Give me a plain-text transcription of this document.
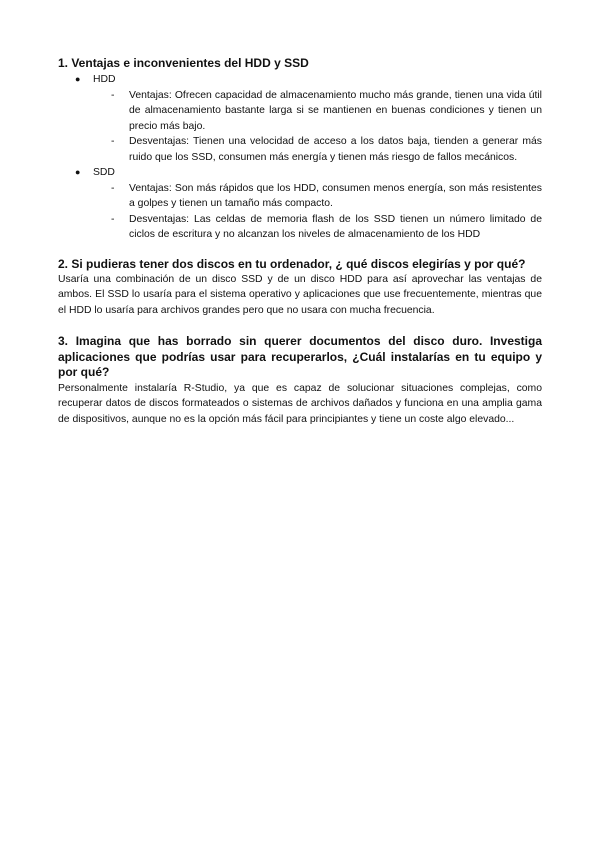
1. Ventajas e inconvenientes del HDD y SSD
● HDD
- Ventajas: Ofrecen capacidad de almacenamiento mucho más grande, tienen una vida útil de almacenamiento bastante larga si se mantienen en buenas condiciones y tienen un precio más bajo.
- Desventajas: Tienen una velocidad de acceso a los datos baja, tienden a generar más ruido que los SSD, consumen más energía y tienen más riesgo de fallos mecánicos.
● SDD
- Ventajas: Son más rápidos que los HDD, consumen menos energía, son más resistentes a golpes y tienen un tamaño más compacto.
- Desventajas: Las celdas de memoria flash de los SSD tienen un número limitado de ciclos de escritura y no alcanzan los niveles de almacenamiento de los HDD
2. Si pudieras tener dos discos en tu ordenador, ¿ qué discos elegirías y por qué?

Usaría una combinación de un disco SSD y de un disco HDD para así aprovechar las ventajas de ambos. El SSD lo usaría para el sistema operativo y aplicaciones que use frecuentemente, mientras que el HDD lo usaría para archivos grandes pero que no usara con mucha frecuencia.

3. Imagina que has borrado sin querer documentos del disco duro. Investiga aplicaciones que podrías usar para recuperarlos, ¿Cuál instalarías en tu equipo y por qué?

Personalmente instalaría R-Studio, ya que es capaz de solucionar situaciones complejas, como recuperar datos de discos formateados o sistemas de archivos dañados y funciona en una amplia gama de dispositivos, aunque no es la opción más fácil para principiantes y tiene un coste algo elevado...
